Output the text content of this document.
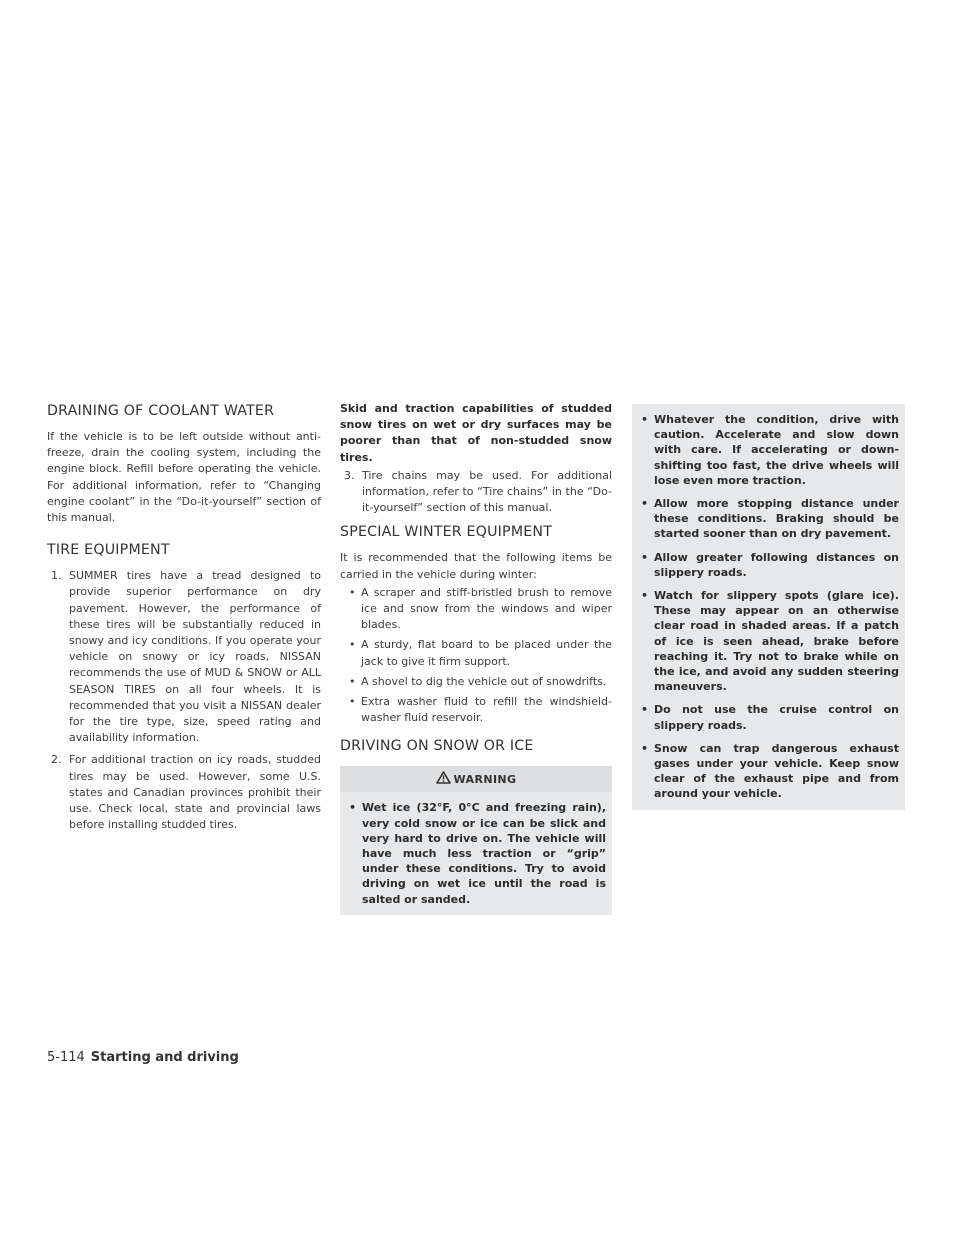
DRAINING OF COOLANT WATER

If the vehicle is to be left outside without anti-freeze, drain the cooling system, including the engine block. Refill before operating the vehicle. For additional information, refer to “Changing engine coolant” in the “Do-it-yourself” section of this manual.

TIRE EQUIPMENT
1. SUMMER tires have a tread designed to provide superior performance on dry pavement. However, the performance of these tires will be substantially reduced in snowy and icy conditions. If you operate your vehicle on snowy or icy roads, NISSAN recommends the use of MUD & SNOW or ALL SEASON TIRES on all four wheels. It is recommended that you visit a NISSAN dealer for the tire type, size, speed rating and availability information.
2. For additional traction on icy roads, studded tires may be used. However, some U.S. states and Canadian provinces prohibit their use. Check local, state and provincial laws before installing studded tires.

Skid and traction capabilities of studded snow tires on wet or dry surfaces may be poorer than that of non-studded snow tires.

3. Tire chains may be used. For additional information, refer to “Tire chains” in the “Do-it-yourself” section of this manual.
SPECIAL WINTER EQUIPMENT

It is recommended that the following items be carried in the vehicle during winter:

• A scraper and stiff-bristled brush to remove ice and snow from the windows and wiper blades.
• A sturdy, flat board to be placed under the jack to give it firm support.
• A shovel to dig the vehicle out of snowdrifts.
• Extra washer fluid to refill the windshield-washer fluid reservoir.
DRIVING ON SNOW OR ICE
WARNING
• Wet ice (32°F, 0°C and freezing rain), very cold snow or ice can be slick and very hard to drive on. The vehicle will have much less traction or “grip” under these conditions. Try to avoid driving on wet ice until the road is salted or sanded.
• Whatever the condition, drive with caution. Accelerate and slow down with care. If accelerating or down-shifting too fast, the drive wheels will lose even more traction.
• Allow more stopping distance under these conditions. Braking should be started sooner than on dry pavement.
• Allow greater following distances on slippery roads.
• Watch for slippery spots (glare ice). These may appear on an otherwise clear road in shaded areas. If a patch of ice is seen ahead, brake before reaching it. Try not to brake while on the ice, and avoid any sudden steering maneuvers.
• Do not use the cruise control on slippery roads.
• Snow can trap dangerous exhaust gases under your vehicle. Keep snow clear of the exhaust pipe and from around your vehicle.
5-114 Starting and driving
